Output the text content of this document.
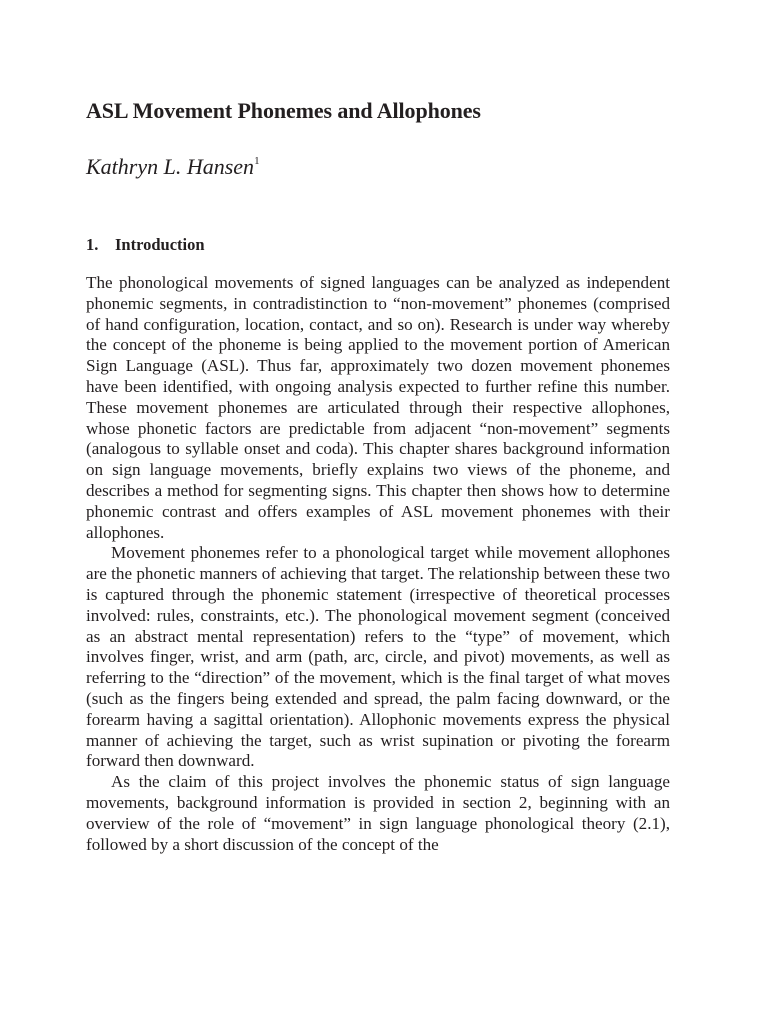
ASL Movement Phonemes and Allophones
Kathryn L. Hansen$^1$
1. Introduction

The phonological movements of signed languages can be analyzed as independent phonemic segments, in contradistinction to “non-movement” phonemes (comprised of hand configuration, location, contact, and so on). Research is under way whereby the concept of the phoneme is being applied to the movement portion of American Sign Language (ASL). Thus far, approximately two dozen movement phonemes have been identified, with ongoing analysis expected to further refine this number. These movement phonemes are articulated through their respective allophones, whose phonetic factors are predictable from adjacent “non-movement” segments (analogous to syllable onset and coda). This chapter shares background information on sign language movements, briefly explains two views of the phoneme, and describes a method for segmenting signs. This chapter then shows how to determine phonemic contrast and offers examples of ASL movement phonemes with their allophones.

Movement phonemes refer to a phonological target while movement allophones are the phonetic manners of achieving that target. The relationship between these two is captured through the phonemic statement (irrespective of theoretical processes involved: rules, constraints, etc.). The phonological movement segment (conceived as an abstract mental representation) refers to the “type” of movement, which involves finger, wrist, and arm (path, arc, circle, and pivot) movements, as well as referring to the “direction” of the movement, which is the final target of what moves (such as the fingers being extended and spread, the palm facing downward, or the forearm having a sagittal orientation). Allophonic movements express the physical manner of achieving the target, such as wrist supination or pivoting the forearm forward then downward.

As the claim of this project involves the phonemic status of sign language movements, background information is provided in section 2, beginning with an overview of the role of “movement” in sign language phonological theory (2.1), followed by a short discussion of the concept of the
